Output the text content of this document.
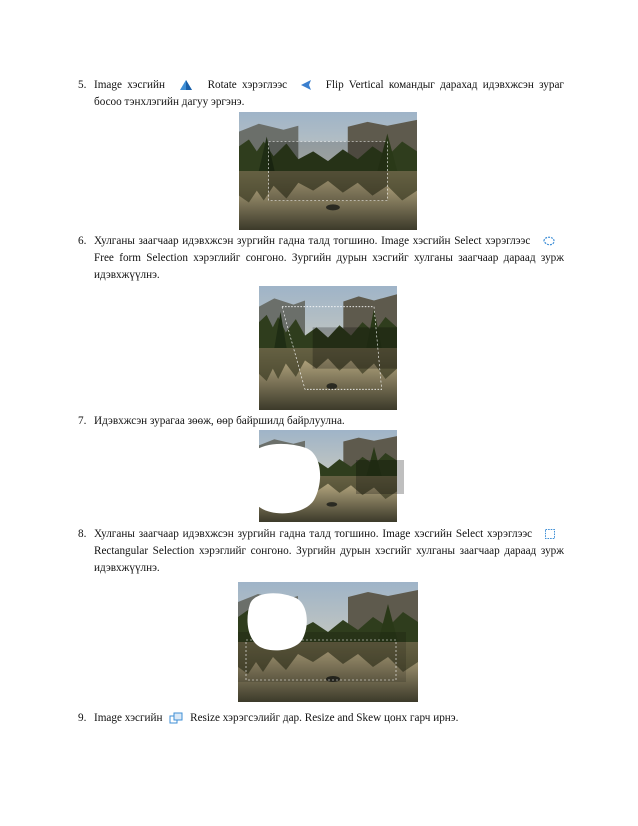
5. Image хэсгийн	Rotate хэрэглээс	Flip Vertical командыг дарахад идэвхжсэн зураг босоо тэнхлэгийн дагуу эргэнэ.

6. Хулганы заагчаар идэвхжсэн зургийн гадна талд тогшино. Image хэсгийн Select хэрэглээс
Free form Selection хэрэглийг сонгоно. Зургийн дурын хэсгийг хулганы заагчаар дараад зурж идэвхжүүлнэ.

7. Идэвхжсэн зурагаа зөөж, өөр байршилд байрлуулна.

8. Хулганы заагчаар идэвхжсэн зургийн гадна талд тогшино. Image хэсгийн Select хэрэглээс
Rectangular Selection хэрэглийг сонгоно. Зургийн дурын хэсгийг хулганы заагчаар дараад зурж идэвхжүүлнэ.

9. Image хэсгийн Resize хэрэгсэлийг дар. Resize and Skew цонх гарч ирнэ.
